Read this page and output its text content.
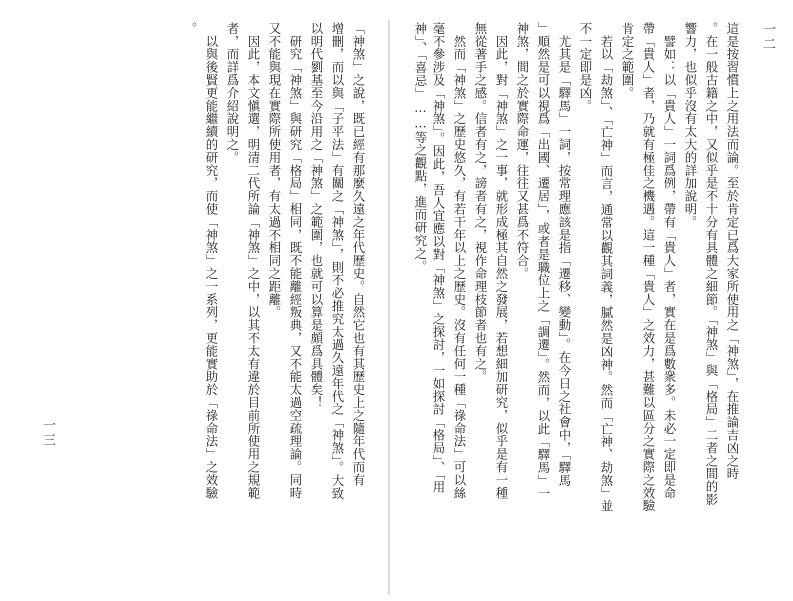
一二
這是按習慣上之用法而論。至於肯定已爲大家所使用之「神煞」，在推論吉凶之時
。在一般古籍之中，又似乎是不十分有具體之細節。「神煞」與「格局」二者之間的影
響力，也似乎沒有太大的詳加說明。
　譬如：以「貴人」一詞爲例，帶有「貴人」者，實在是爲數衆多。未必一定即是命
帶「貴人」者，乃就有極佳之機遇。這一種「貴人」之效力，甚難以區分之實際之效驗
肯定之範圍。
　若以「劫煞」、「亡神」而言，通常以觀其詞義，膩然是凶神。然而「亡神、劫煞」並
不一定即是凶。
　尤其是「驛馬」一詞，按常理應該是指「遷移、變動」。在今日之社會中，「驛馬
」順然是可以視爲「出國、遷居」，或者是職位上之「調遷」。然而，以此「驛馬」一
神煞，間之於實際命運，往往又甚爲不符合。
　因此，對「神煞」之一事，就形成極其自然之發展，若想細加研究，似乎是有一種
無從著手之感。信者有之，謗者有之，視作命理枝節者也有之。
　然而「神煞」之歷史悠久，有若干年以上之歷史。沒有任何一種「祿命法」可以絲
毫不參涉及「神煞」。因此，吾人宜應以對「神煞」之探討，一如探討「格局」、「用
神」、「喜忌」……等之觀點，進而研究之。
「神煞」之說，既已經有那麼久遠之年代歷史。自然它也有其歷史上之隨年代而有
增刪，而以與「子平法」有關之「神煞」，則不必推究太過久遠年代之「神煞」。大致
以明代劉基至今沿用之「神煞」之範圍，也就可以算是頗爲具體矣！
　研究「神煞」與研究「格局」相同，既不能離經叛典，又不能太過空疏理論。同時
又不能與現在實際所使用者，有太過不相同之距離。
　因此，本文愼選，明清二代所論「神煞」之中，以其不太有違於目前所使用之規範
者，而詳爲介紹說明之。
　以與後賢更能繼續的研究，而使「神煞」之一系列，更能實助於「祿命法」之效驗
。
一三
